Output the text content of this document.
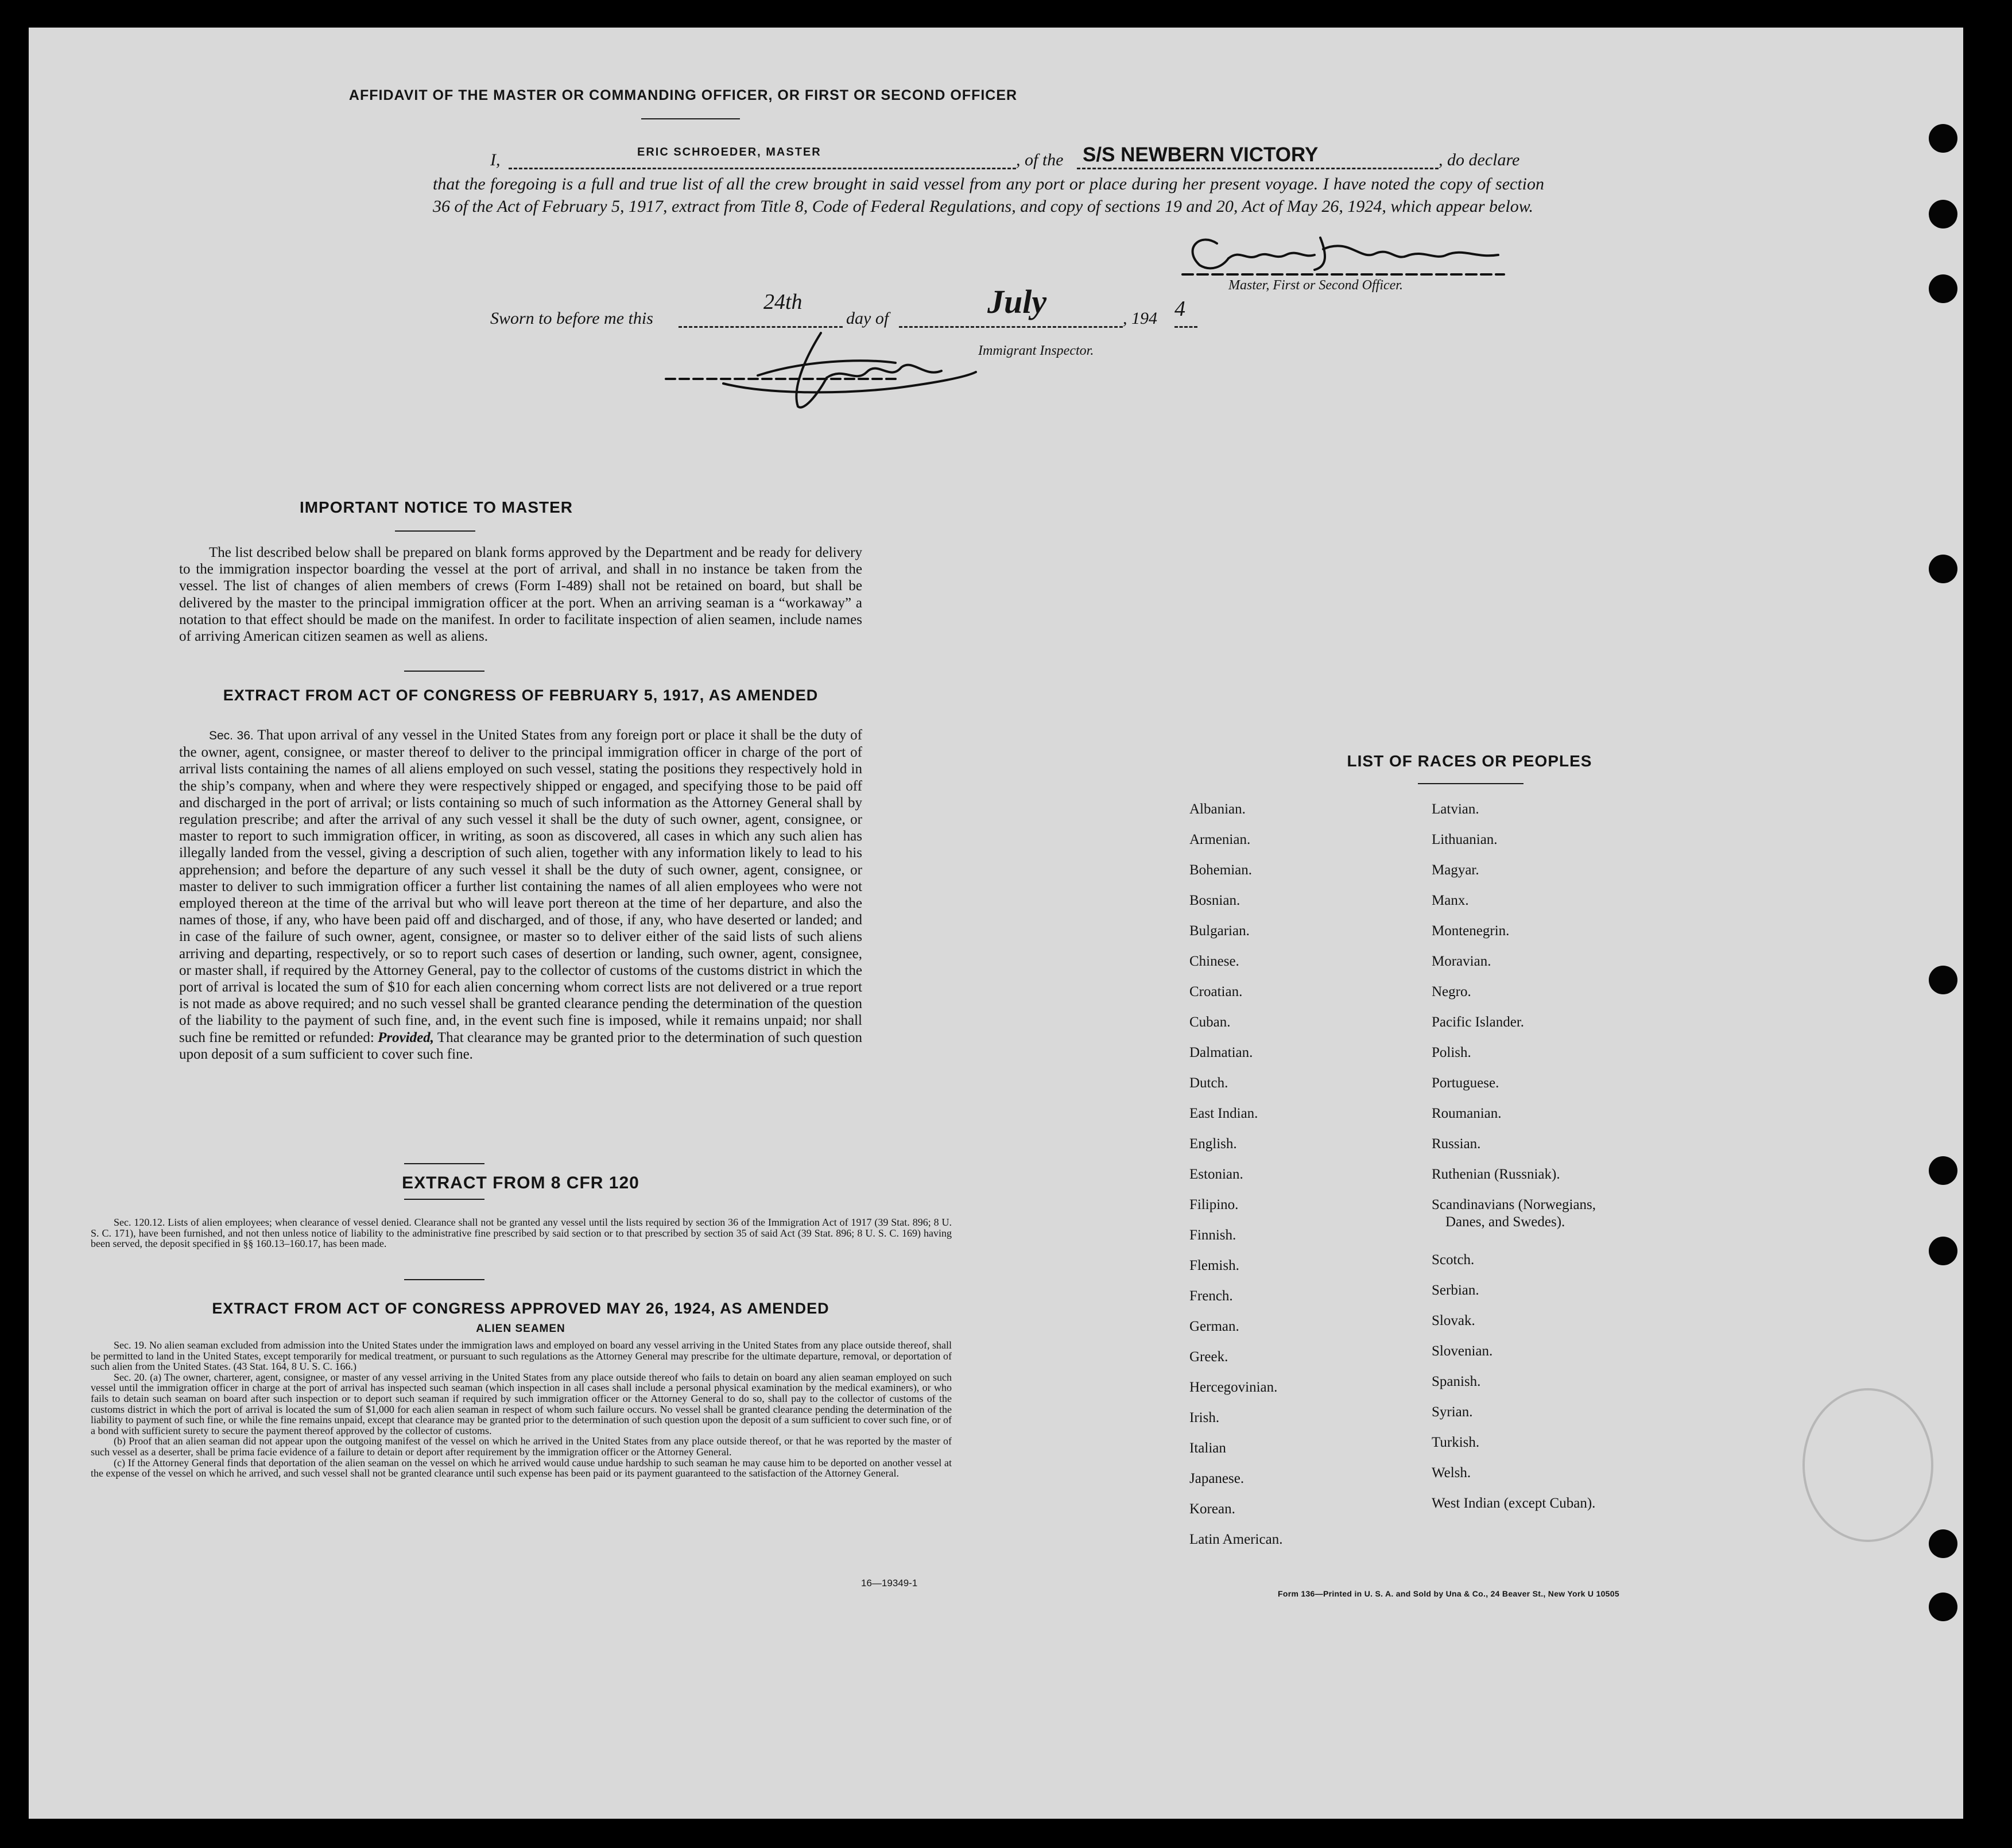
AFFIDAVIT OF THE MASTER OR COMMANDING OFFICER, OR FIRST OR SECOND OFFICER
I,	ERIC SCHROEDER, MASTER	, of the S/S NEWBERN VICTORY	, do declare
that the foregoing is a full and true list of all the crew brought in said vessel from any port or place during her present voyage. I have noted the copy of section 36 of the Act of February 5, 1917, extract from Title 8, Code of Federal Regulations, and copy of sections 19 and 20, Act of May 26, 1924, which appear below.
Master, First or Second Officer.
Sworn to before me this
24th
day of	July	, 194 4
Immigrant Inspector.
IMPORTANT NOTICE TO MASTER
The list described below shall be prepared on blank forms approved by the Department and be ready for delivery to the immigration inspector boarding the vessel at the port of arrival, and shall in no instance be taken from the vessel. The list of changes of alien members of crews (Form I-489) shall not be retained on board, but shall be delivered by the master to the principal immigration officer at the port. When an arriving seaman is a “workaway” a notation to that effect should be made on the manifest. In order to facilitate inspection of alien seamen, include names of arriving American citizen seamen as well as aliens.
EXTRACT FROM ACT OF CONGRESS OF FEBRUARY 5, 1917, AS AMENDED
Sec. 36. That upon arrival of any vessel in the United States from any foreign port or place it shall be the duty of the owner, agent, consignee, or master thereof to deliver to the principal immigration officer in charge of the port of arrival lists containing the names of all aliens employed on such vessel, stating the positions they respectively hold in the ship’s company, when and where they were respectively shipped or engaged, and specifying those to be paid off and discharged in the port of arrival; or lists containing so much of such information as the Attorney General shall by regulation prescribe; and after the arrival of any such vessel it shall be the duty of such owner, agent, consignee, or master to report to such immigration officer, in writing, as soon as discovered, all cases in which any such alien has illegally landed from the vessel, giving a description of such alien, together with any information likely to lead to his apprehension; and before the departure of any such vessel it shall be the duty of such owner, agent, consignee, or master to deliver to such immigration officer a further list containing the names of all alien employees who were not employed thereon at the time of the arrival but who will leave port thereon at the time of her departure, and also the names of those, if any, who have been paid off and discharged, and of those, if any, who have deserted or landed; and in case of the failure of such owner, agent, consignee, or master so to deliver either of the said lists of such aliens arriving and departing, respectively, or so to report such cases of desertion or landing, such owner, agent, consignee, or master shall, if required by the Attorney General, pay to the collector of customs of the customs district in which the port of arrival is located the sum of $10 for each alien concerning whom correct lists are not delivered or a true report is not made as above required; and no such vessel shall be granted clearance pending the determination of the question of the liability to the payment of such fine, and, in the event such fine is imposed, while it remains unpaid; nor shall such fine be remitted or refunded: Provided, That clearance may be granted prior to the determination of such question upon deposit of a sum sufficient to cover such fine.
EXTRACT FROM 8 CFR 120
Sec. 120.12. Lists of alien employees; when clearance of vessel denied. Clearance shall not be granted any vessel until the lists required by section 36 of the Immigration Act of 1917 (39 Stat. 896; 8 U. S. C. 171), have been furnished, and not then unless notice of liability to the administrative fine prescribed by said section or to that prescribed by section 35 of said Act (39 Stat. 896; 8 U. S. C. 169) having been served, the deposit specified in §§ 160.13–160.17, has been made.
EXTRACT FROM ACT OF CONGRESS APPROVED MAY 26, 1924, AS AMENDED
ALIEN SEAMEN
Sec. 19. No alien seaman excluded from admission into the United States under the immigration laws and employed on board any vessel arriving in the United States from any place outside thereof, shall be permitted to land in the United States, except temporarily for medical treatment, or pursuant to such regulations as the Attorney General may prescribe for the ultimate departure, removal, or deportation of such alien from the United States. (43 Stat. 164, 8 U. S. C. 166.)
Sec. 20. (a) The owner, charterer, agent, consignee, or master of any vessel arriving in the United States from any place outside thereof who fails to detain on board any alien seaman employed on such vessel until the immigration officer in charge at the port of arrival has inspected such seaman (which inspection in all cases shall include a personal physical examination by the medical examiners), or who fails to detain such seaman on board after such inspection or to deport such seaman if required by such immigration officer or the Attorney General to do so, shall pay to the collector of customs of the customs district in which the port of arrival is located the sum of $1,000 for each alien seaman in respect of whom such failure occurs. No vessel shall be granted clearance pending the determination of the liability to payment of such fine, or while the fine remains unpaid, except that clearance may be granted prior to the determination of such question upon the deposit of a sum sufficient to cover such fine, or of a bond with sufficient surety to secure the payment thereof approved by the collector of customs.
(b) Proof that an alien seaman did not appear upon the outgoing manifest of the vessel on which he arrived in the United States from any place outside thereof, or that he was reported by the master of such vessel as a deserter, shall be prima facie evidence of a failure to detain or deport after requirement by the immigration officer or the Attorney General.
(c) If the Attorney General finds that deportation of the alien seaman on the vessel on which he arrived would cause undue hardship to such seaman he may cause him to be deported on another vessel at the expense of the vessel on which he arrived, and such vessel shall not be granted clearance until such expense has been paid or its payment guaranteed to the satisfaction of the Attorney General.
16—19349-1
LIST OF RACES OR PEOPLES
Albanian.
Armenian.
Bohemian.
Bosnian.
Bulgarian.
Chinese.
Croatian.
Cuban.
Dalmatian.
Dutch.
East Indian.
English.
Estonian.
Filipino.
Finnish.
Flemish.
French.
German.
Greek.
Hercegovinian.
Irish.
Italian
Japanese.
Korean.
Latin American.
Latvian.
Lithuanian.
Magyar.
Manx.
Montenegrin.
Moravian.
Negro.
Pacific Islander.
Polish.
Portuguese.
Roumanian.
Russian.
Ruthenian (Russniak).
Scandinavians (Norwegians,
Danes, and Swedes).
Scotch.
Serbian.
Slovak.
Slovenian.
Spanish.
Syrian.
Turkish.
Welsh.
West Indian (except Cuban).
Form 136—Printed in U. S. A. and Sold by Una & Co., 24 Beaver St., New York U 10505
